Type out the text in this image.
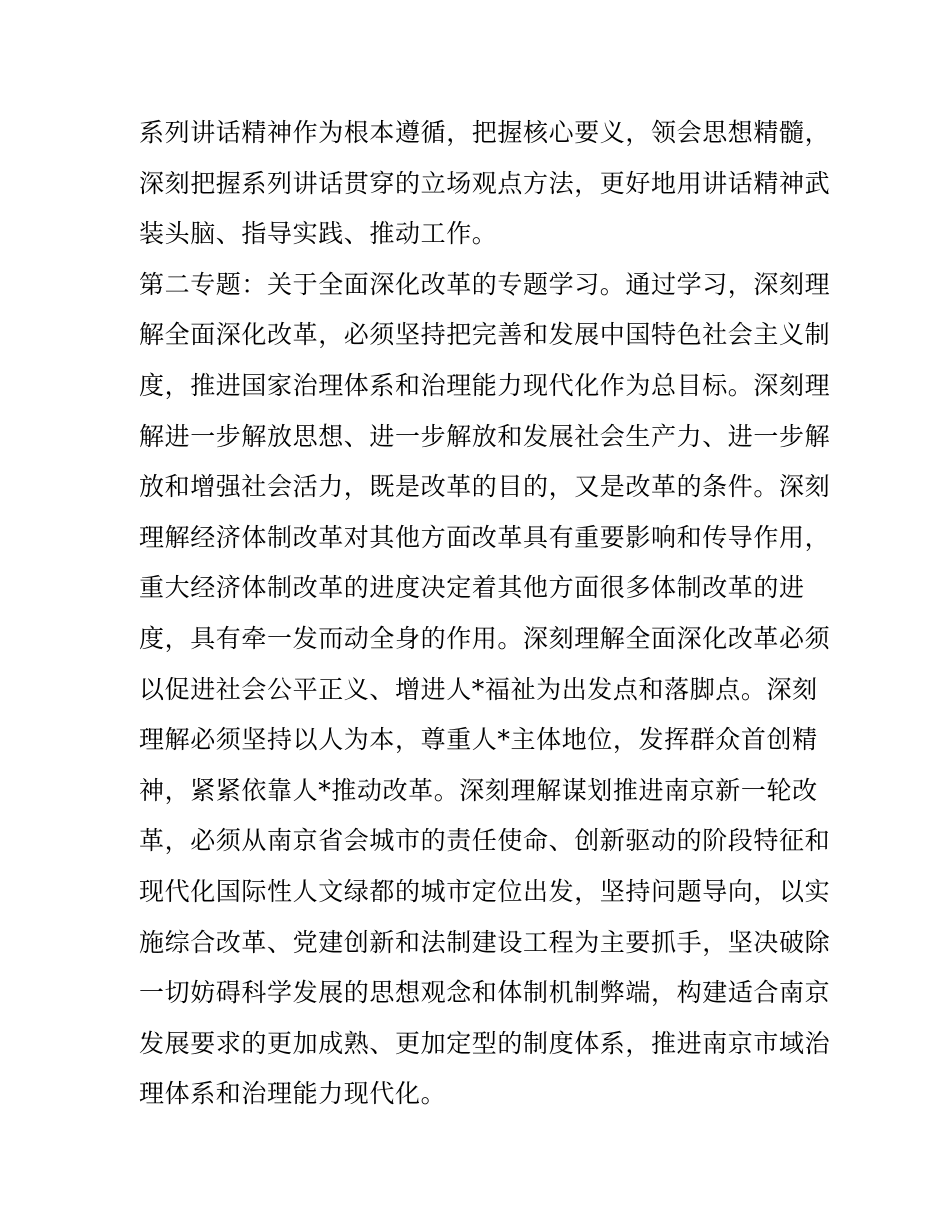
系列讲话精神作为根本遵循，把握核心要义，领会思想精髓，
深刻把握系列讲话贯穿的立场观点方法，更好地用讲话精神武
装头脑、指导实践、推动工作。
第二专题：关于全面深化改革的专题学习。通过学习，深刻理
解全面深化改革，必须坚持把完善和发展中国特色社会主义制
度，推进国家治理体系和治理能力现代化作为总目标。深刻理
解进一步解放思想、进一步解放和发展社会生产力、进一步解
放和增强社会活力，既是改革的目的，又是改革的条件。深刻
理解经济体制改革对其他方面改革具有重要影响和传导作用，
重大经济体制改革的进度决定着其他方面很多体制改革的进
度，具有牵一发而动全身的作用。深刻理解全面深化改革必须
以促进社会公平正义、增进人*福祉为出发点和落脚点。深刻
理解必须坚持以人为本，尊重人*主体地位，发挥群众首创精
神，紧紧依靠人*推动改革。深刻理解谋划推进南京新一轮改
革，必须从南京省会城市的责任使命、创新驱动的阶段特征和
现代化国际性人文绿都的城市定位出发，坚持问题导向，以实
施综合改革、党建创新和法制建设工程为主要抓手，坚决破除
一切妨碍科学发展的思想观念和体制机制弊端，构建适合南京
发展要求的更加成熟、更加定型的制度体系，推进南京市域治
理体系和治理能力现代化。
